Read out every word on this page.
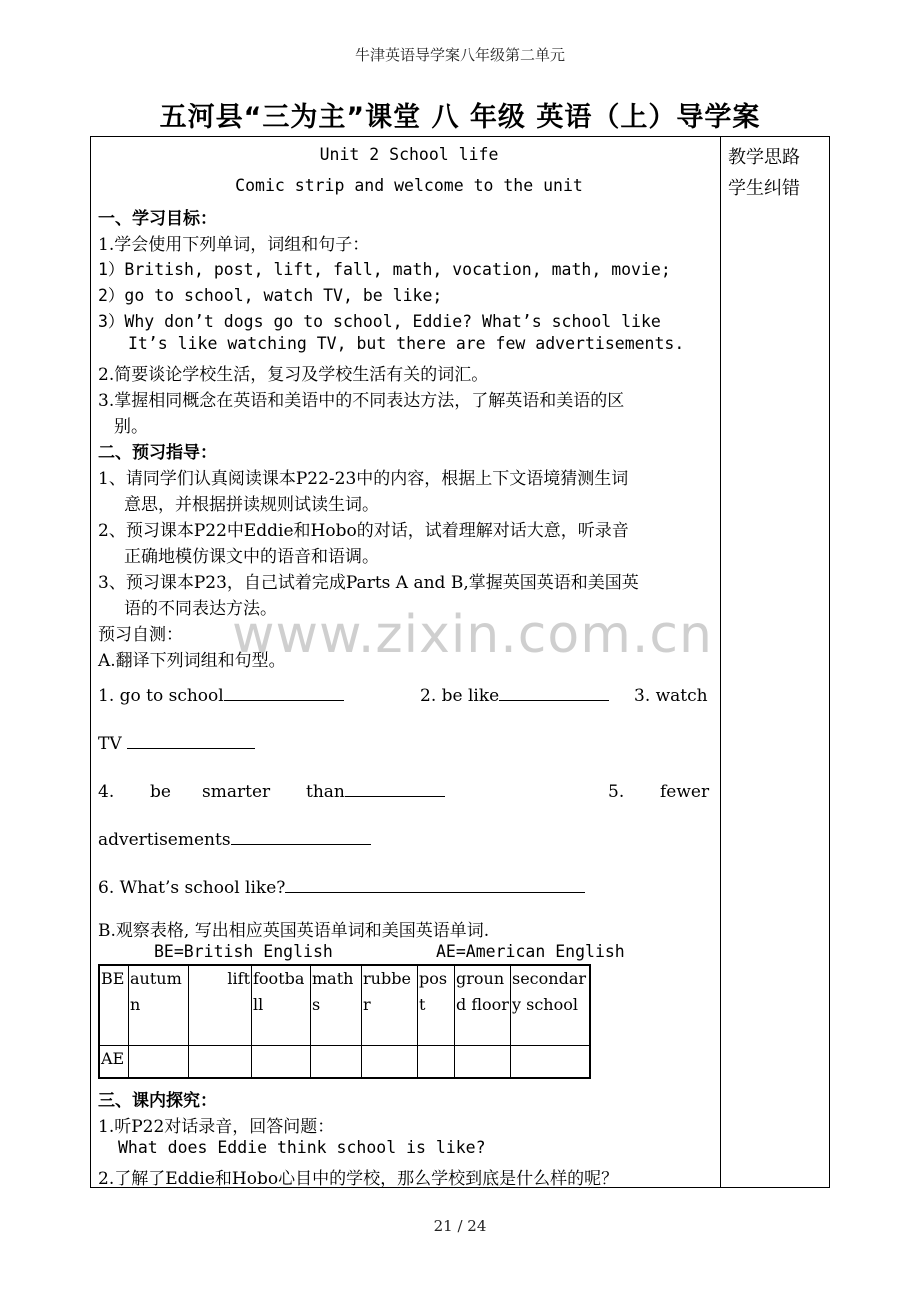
牛津英语导学案八年级第二单元
五河县“三为主”课堂 八 年级 英语（上）导学案
教学思路
学生纠错
Unit 2 School life
Comic strip and welcome to the unit
一、学习目标：
1.学会使用下列单词，词组和句子：
1）British, post, lift, fall, math, vocation, math, movie;
2）go to school, watch TV, be like;
3）Why don’t dogs go to school, Eddie? What’s school like
It’s like watching TV, but there are few advertisements.
2.简要谈论学校生活，复习及学校生活有关的词汇。
3.掌握相同概念在英语和美语中的不同表达方法，了解英语和美语的区
别。
二、预习指导：
1、请同学们认真阅读课本P22-23中的内容，根据上下文语境猜测生词
意思，并根据拼读规则试读生词。
2、预习课本P22中Eddie和Hobo的对话，试着理解对话大意，听录音
正确地模仿课文中的语音和语调。
3、预习课本P23，自己试着完成Parts A and B,掌握英国英语和美国英
语的不同表达方法。
预习自测：
A.翻译下列词组和句型。
1. go to school	2. be like	3. watch
TV
4. be smarter than	5. fewer
advertisements
6. What’s school like?
B.观察表格, 写出相应英国英语单词和美国英语单词.
BE=British English	AE=American English
BE	autumn	lift	football	maths	rubber	post	ground floor	secondary school
AE								
三、课内探究：
1.听P22对话录音，回答问题：
What does Eddie think school is like?
2.了解了Eddie和Hobo心目中的学校，那么学校到底是什么样的呢？
www.zixin.com.cn
21 / 24
